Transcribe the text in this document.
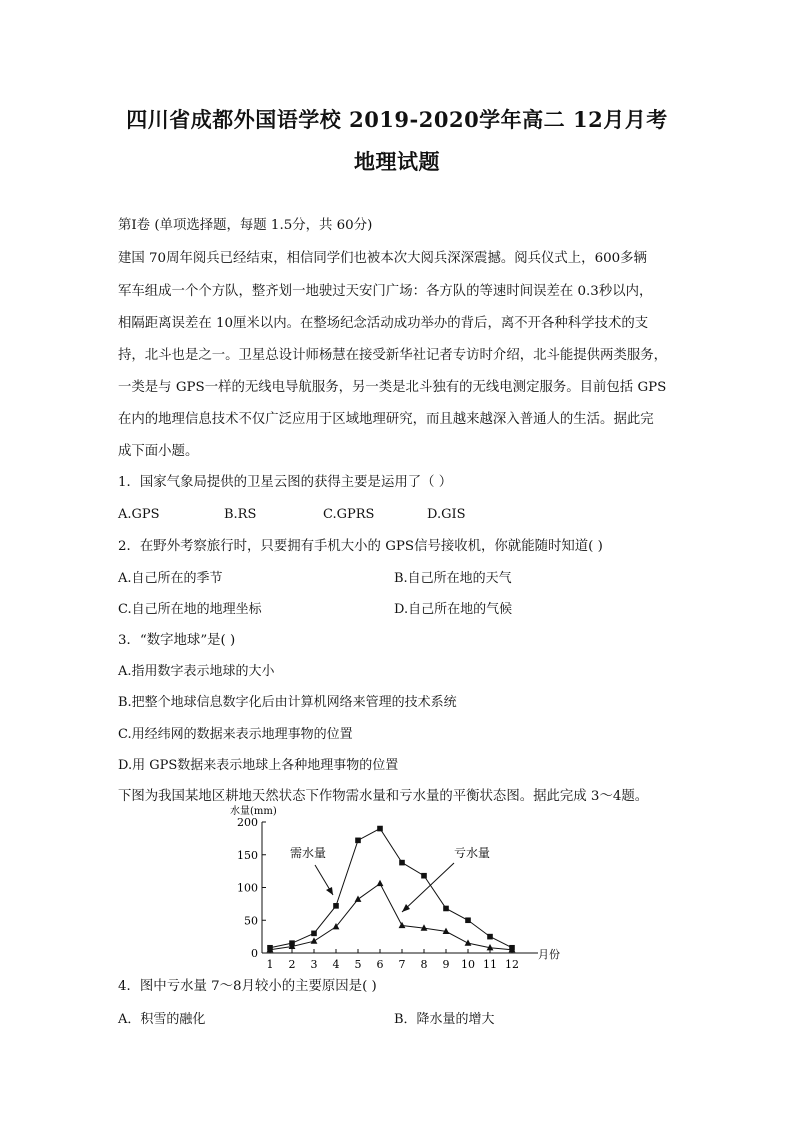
四川省成都外国语学校 2019-2020学年高二 12月月考
地理试题
第Ⅰ卷 (单项选择题，每题 1.5分，共 60分)
建国 70周年阅兵已经结束，相信同学们也被本次大阅兵深深震撼。阅兵仪式上，600多辆
军车组成一个个方队，整齐划一地驶过天安门广场：各方队的等速时间误差在 0.3秒以内，
相隔距离误差在 10厘米以内。在整场纪念活动成功举办的背后，离不开各种科学技术的支
持，北斗也是之一。卫星总设计师杨慧在接受新华社记者专访时介绍，北斗能提供两类服务，
一类是与 GPS一样的无线电导航服务，另一类是北斗独有的无线电测定服务。目前包括 GPS
在内的地理信息技术不仅广泛应用于区域地理研究，而且越来越深入普通人的生活。据此完
成下面小题。
1．国家气象局提供的卫星云图的获得主要是运用了（ ）
A.GPS	B.RS	C.GPRS	D.GIS
2．在野外考察旅行时，只要拥有手机大小的 GPS信号接收机，你就能随时知道( )
A.自己所在的季节	B.自己所在地的天气
C.自己所在地的地理坐标	D.自己所在地的气候
3．“数字地球”是( )
A.指用数字表示地球的大小
B.把整个地球信息数字化后由计算机网络来管理的技术系统
C.用经纬网的数据来表示地理事物的位置
D.用 GPS数据来表示地球上各种地理事物的位置
下图为我国某地区耕地天然状态下作物需水量和亏水量的平衡状态图。据此完成 3～4题。
水量(mm)
0
50
100
150
200
1 2 3 4 5 6 7 8 9 10 11 12
月份
需水量	亏水量
4．图中亏水量 7～8月较小的主要原因是( )
A．积雪的融化	B．降水量的增大
